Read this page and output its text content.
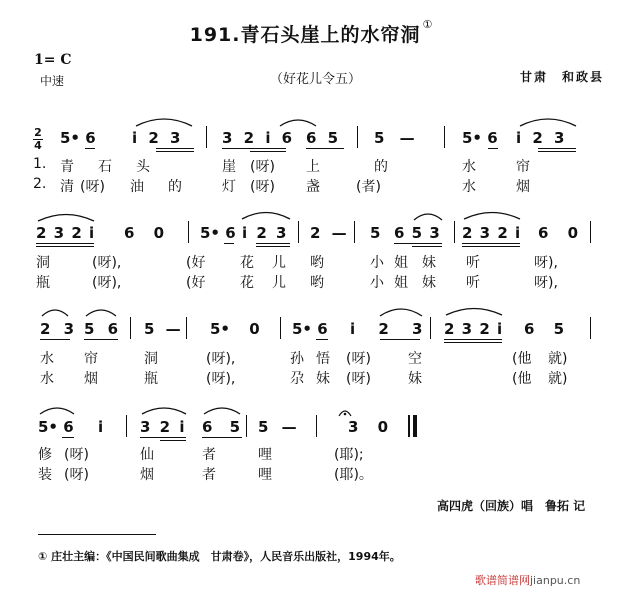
191.青石头崖上的水帘洞 ①
1= C
中速	（好花儿令五）	甘肃　和政县
2
4 5• 6 i 2 3	3 2 i 6 6 5 5 —	5• 6 i 2 3
1. 青 石 头	崖 (呀) 上	的	水	帘
2. 清 (呀) 油 的	灯 (呀) 盏	(者)	水	烟
2 3 2 i 6 0 5• 6 i 2 3 2 — 5 6 5 3 2 3 2 i 6 0
洞	(呀),	(好 花 儿 哟	小 姐 妹 听	呀),
瓶	(呀),	(好 花 儿 哟	小 姐 妹 听	呀),
2 3 5 6 5 — 5• 0 5• 6 i 2 3 2 3 2 i 6 5
水 帘	洞	(呀),	孙 悟 (呀)	空	(他 就)
水 烟	瓶	(呀),	尕 妹 (呀)	妹	(他 就)
5• 6 i 3 2 i 6 5 5 —	3 0
修 (呀)	仙	者	哩	(耶);
装 (呀)	烟	者	哩	(耶)。
高四虎（回族）唱　鲁拓 记
① 庄壮主编：《中国民间歌曲集成　甘肃卷》，人民音乐出版社，1994年。
歌谱简谱网jianpu.cn
